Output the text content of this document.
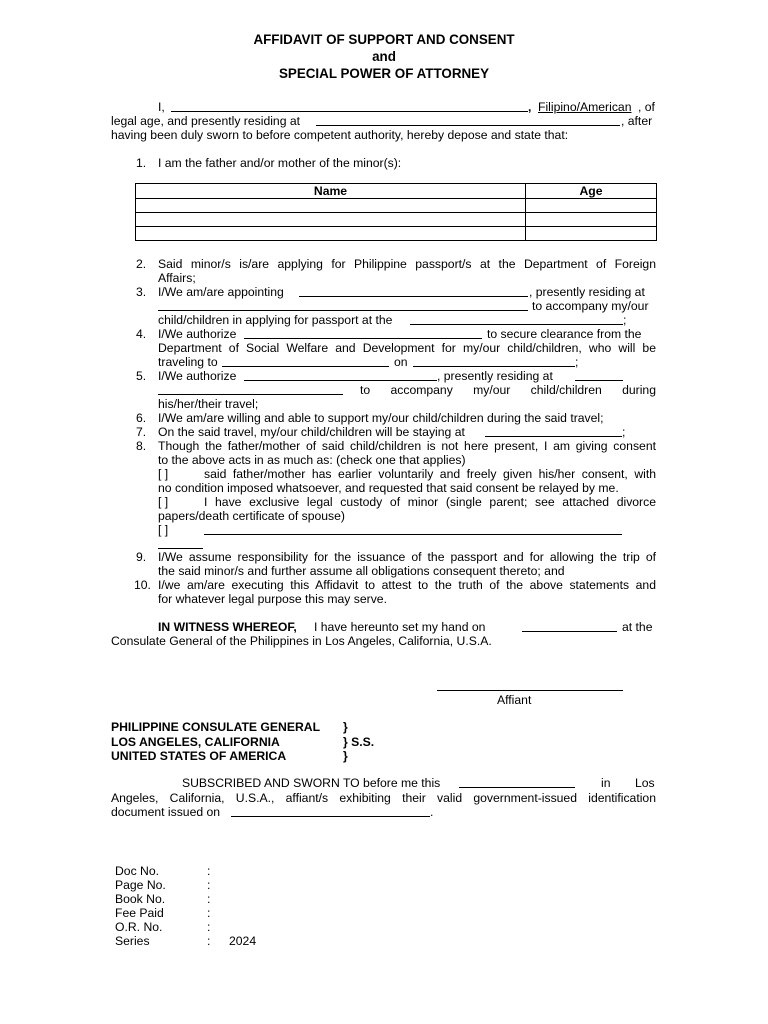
AFFIDAVIT OF SUPPORT AND CONSENT
and
SPECIAL POWER OF ATTORNEY
I,	, Filipino/American , of
legal age, and presently residing at	, after
having been duly sworn to before competent authority, hereby depose and state that:
1. I am the father and/or mother of the minor(s):
Name	Age

2. Said minor/s is/are applying for Philippine passport/s at the Department of Foreign
Affairs;
3. I/We am/are appointing	, presently residing at
to accompany my/our
child/children in applying for passport at the	;
4. I/We authorize	to secure clearance from the
Department of Social Welfare and Development for my/our child/children, who will be
traveling to	on	;
5. I/We authorize	, presently residing at
to accompany my/our child/children during
his/her/their travel;
6. I/We am/are willing and able to support my/our child/children during the said travel;
7. On the said travel, my/our child/children will be staying at	;
8. Though the father/mother of said child/children is not here present, I am giving consent
to the above acts in as much as: (check one that applies)
[ ]	said father/mother has earlier voluntarily and freely given his/her consent, with
no condition imposed whatsoever, and requested that said consent be relayed by me.
[ ]	I have exclusive legal custody of minor (single parent; see attached divorce
papers/death certificate of spouse)
[ ]
9. I/We assume responsibility for the issuance of the passport and for allowing the trip of
the said minor/s and further assume all obligations consequent thereto; and
10. I/we am/are executing this Affidavit to attest to the truth of the above statements and
for whatever legal purpose this may serve.
IN WITNESS WHEREOF, I have hereunto set my hand on	at the
Consulate General of the Philippines in Los Angeles, California, U.S.A.
Affiant
PHILIPPINE CONSULATE GENERAL }
LOS ANGELES, CALIFORNIA	} S.S.
UNITED STATES OF AMERICA	}
SUBSCRIBED AND SWORN TO before me this	in Los
Angeles, California, U.S.A., affiant/s exhibiting their valid government-issued identification
document issued on	.
Doc No.	:
Page No.	:
Book No.	:
Fee Paid	:
O.R. No.	:
Series	: 2024
